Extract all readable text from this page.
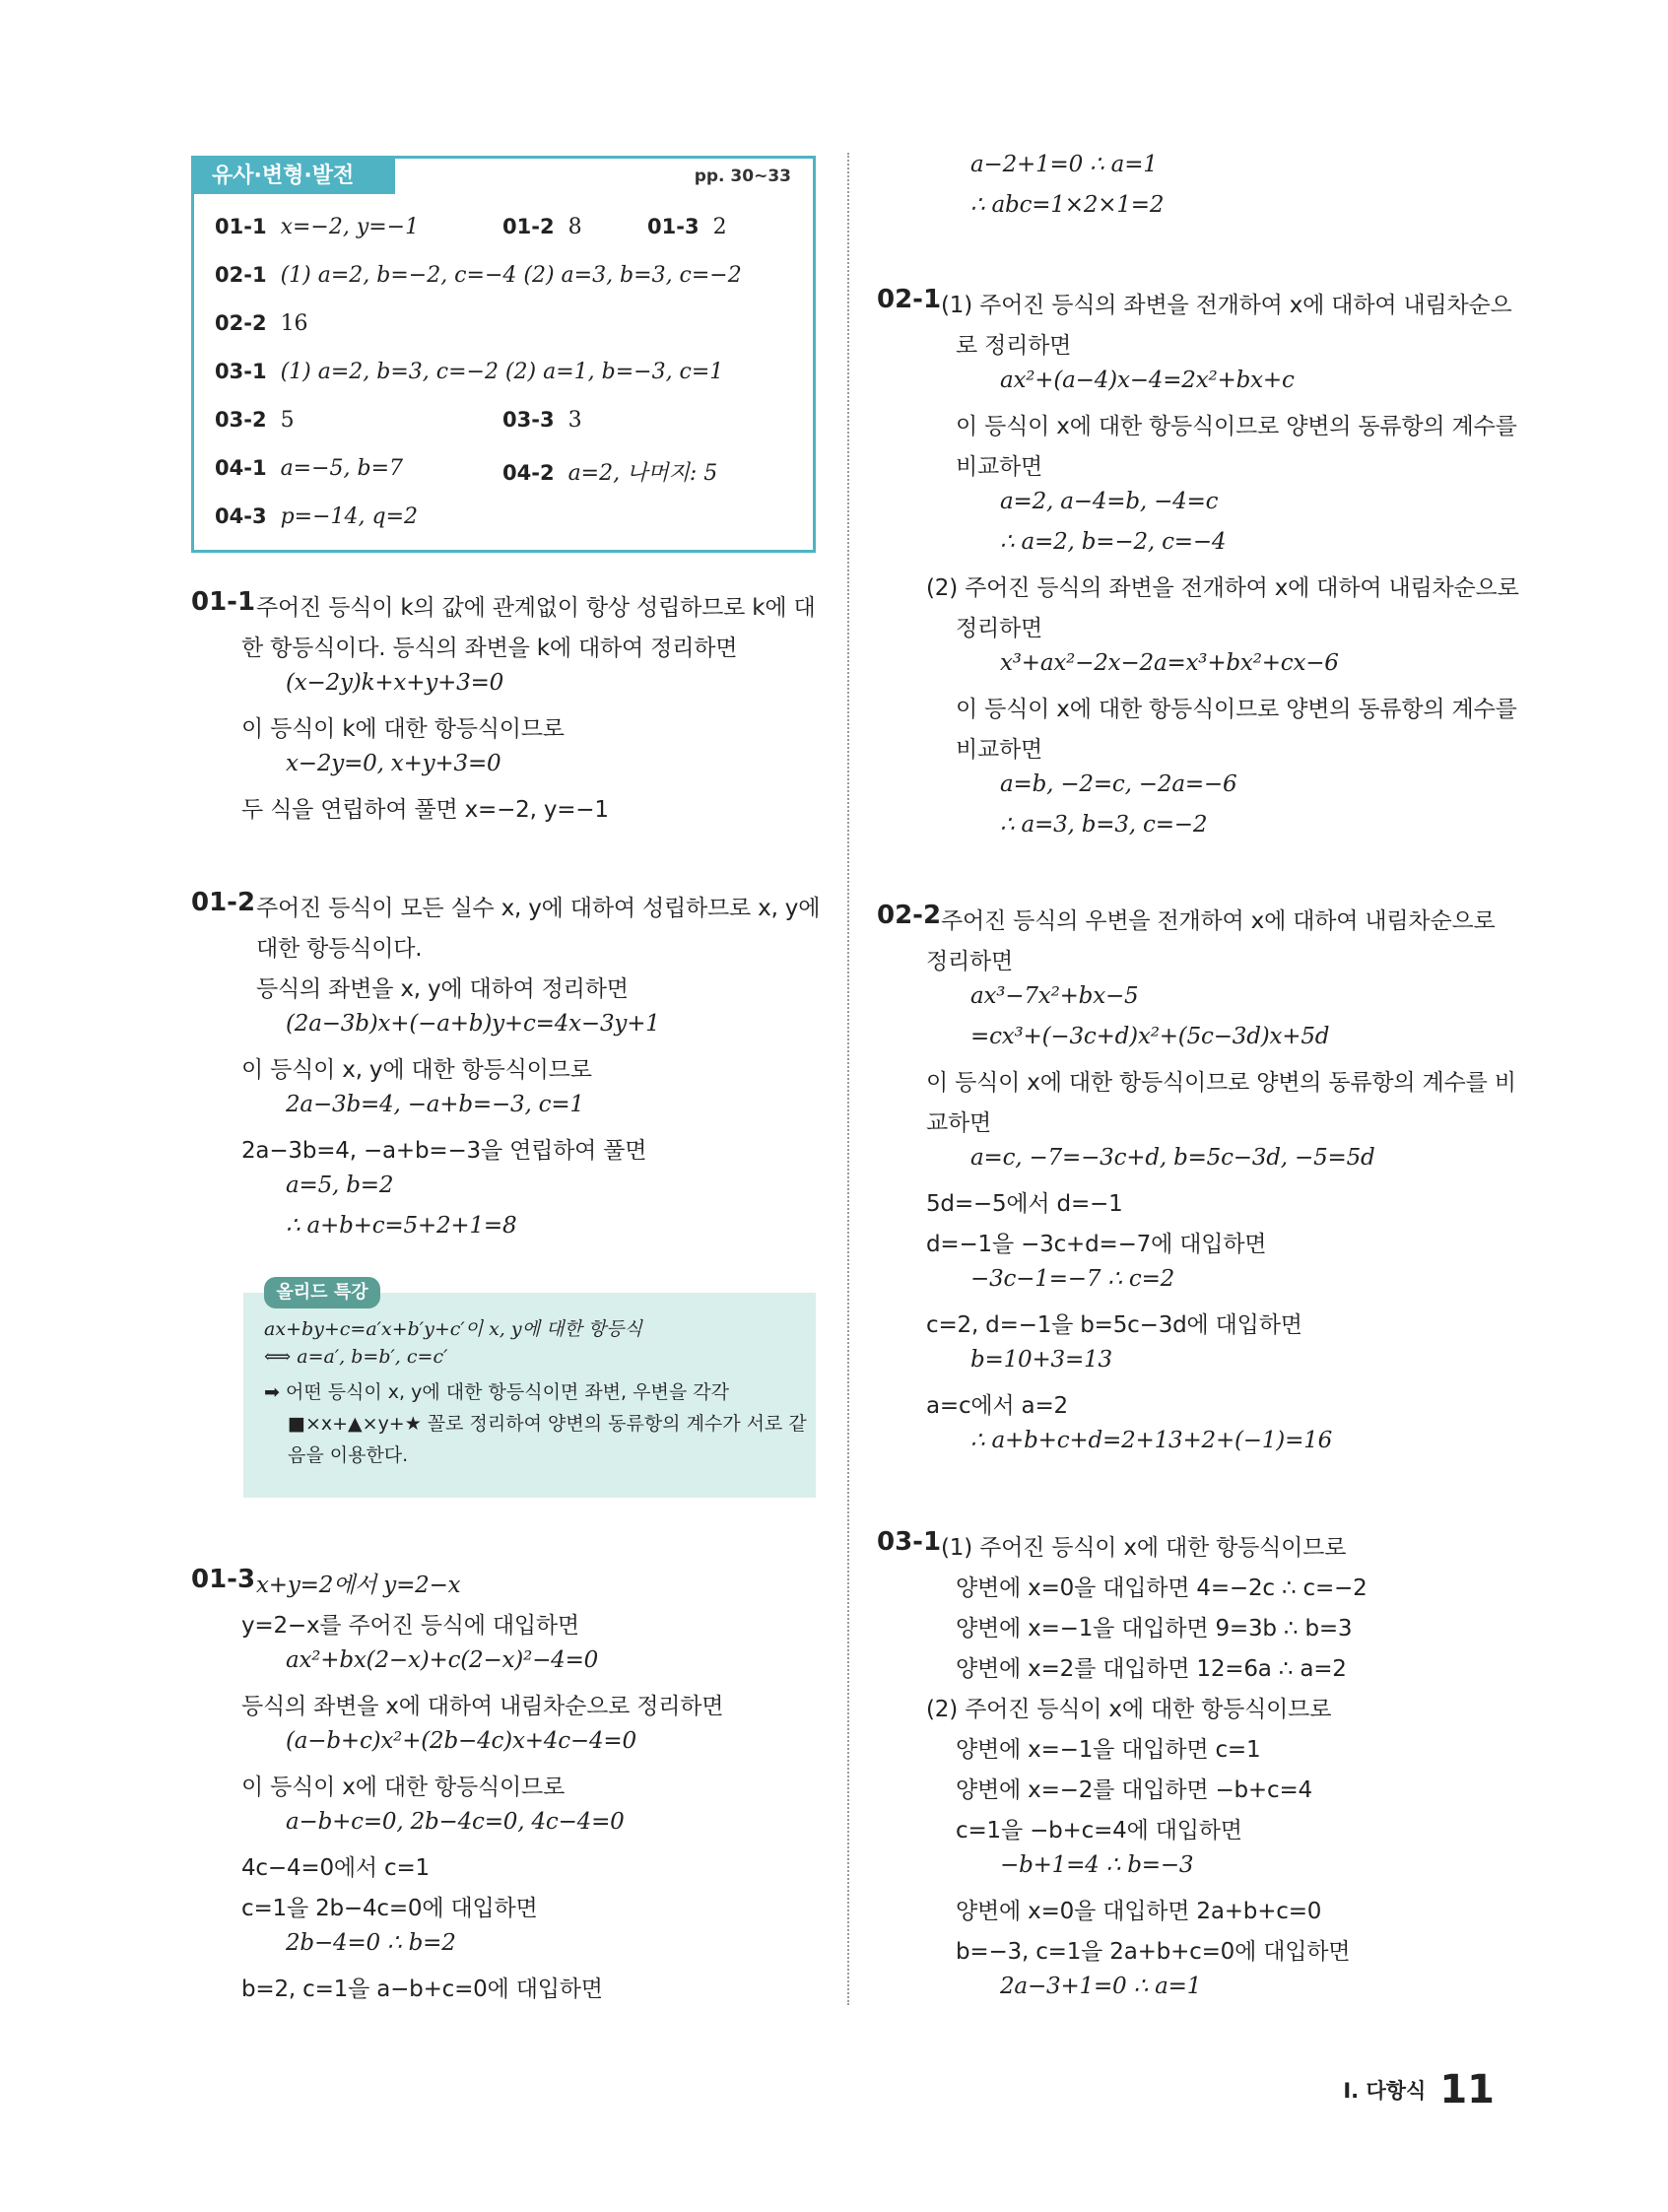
유사·변형·발전	pp. 30~33
01-1 x=−2, y=−1	01-2 8	01-3 2
02-1 (1) a=2, b=−2, c=−4 (2) a=3, b=3, c=−2
02-2 16
03-1 (1) a=2, b=3, c=−2 (2) a=1, b=−3, c=1
03-2 5	03-3 3
04-1 a=−5, b=7	04-2 a=2, 나머지: 5
04-3 p=−14, q=2
01-1 주어진 등식이 k의 값에 관계없이 항상 성립하므로 k에 대
한 항등식이다. 등식의 좌변을 k에 대하여 정리하면
(x−2y)k+x+y+3=0
이 등식이 k에 대한 항등식이므로
x−2y=0, x+y+3=0
두 식을 연립하여 풀면 x=−2, y=−1
01-2 주어진 등식이 모든 실수 x, y에 대하여 성립하므로 x, y에
대한 항등식이다.
등식의 좌변을 x, y에 대하여 정리하면
(2a−3b)x+(−a+b)y+c=4x−3y+1
이 등식이 x, y에 대한 항등식이므로
2a−3b=4, −a+b=−3, c=1
2a−3b=4, −a+b=−3을 연립하여 풀면
a=5, b=2
∴ a+b+c=5+2+1=8
올리드 특강
ax+by+c=a′x+b′y+c′이 x, y에 대한 항등식
⟺ a=a′, b=b′, c=c′
➡ 어떤 등식이 x, y에 대한 항등식이면 좌변, 우변을 각각
■×x+▲×y+★ 꼴로 정리하여 양변의 동류항의 계수가 서로 같
음을 이용한다.
01-3 x+y=2에서 y=2−x
y=2−x를 주어진 등식에 대입하면
ax²+bx(2−x)+c(2−x)²−4=0
등식의 좌변을 x에 대하여 내림차순으로 정리하면
(a−b+c)x²+(2b−4c)x+4c−4=0
이 등식이 x에 대한 항등식이므로
a−b+c=0, 2b−4c=0, 4c−4=0
4c−4=0에서 c=1
c=1을 2b−4c=0에 대입하면
2b−4=0 ∴ b=2
b=2, c=1을 a−b+c=0에 대입하면
a−2+1=0 ∴ a=1
∴ abc=1×2×1=2
02-1 (1) 주어진 등식의 좌변을 전개하여 x에 대하여 내림차순으
로 정리하면
ax²+(a−4)x−4=2x²+bx+c
이 등식이 x에 대한 항등식이므로 양변의 동류항의 계수를
비교하면
a=2, a−4=b, −4=c
∴ a=2, b=−2, c=−4
(2) 주어진 등식의 좌변을 전개하여 x에 대하여 내림차순으로
정리하면
x³+ax²−2x−2a=x³+bx²+cx−6
이 등식이 x에 대한 항등식이므로 양변의 동류항의 계수를
비교하면
a=b, −2=c, −2a=−6
∴ a=3, b=3, c=−2
02-2 주어진 등식의 우변을 전개하여 x에 대하여 내림차순으로
정리하면
ax³−7x²+bx−5
=cx³+(−3c+d)x²+(5c−3d)x+5d
이 등식이 x에 대한 항등식이므로 양변의 동류항의 계수를 비
교하면
a=c, −7=−3c+d, b=5c−3d, −5=5d
5d=−5에서 d=−1
d=−1을 −3c+d=−7에 대입하면
−3c−1=−7 ∴ c=2
c=2, d=−1을 b=5c−3d에 대입하면
b=10+3=13
a=c에서 a=2
∴ a+b+c+d=2+13+2+(−1)=16
03-1 (1) 주어진 등식이 x에 대한 항등식이므로
양변에 x=0을 대입하면 4=−2c ∴ c=−2
양변에 x=−1을 대입하면 9=3b ∴ b=3
양변에 x=2를 대입하면 12=6a ∴ a=2
(2) 주어진 등식이 x에 대한 항등식이므로
양변에 x=−1을 대입하면 c=1
양변에 x=−2를 대입하면 −b+c=4
c=1을 −b+c=4에 대입하면
−b+1=4 ∴ b=−3
양변에 x=0을 대입하면 2a+b+c=0
b=−3, c=1을 2a+b+c=0에 대입하면
2a−3+1=0 ∴ a=1
I. 다항식 11
